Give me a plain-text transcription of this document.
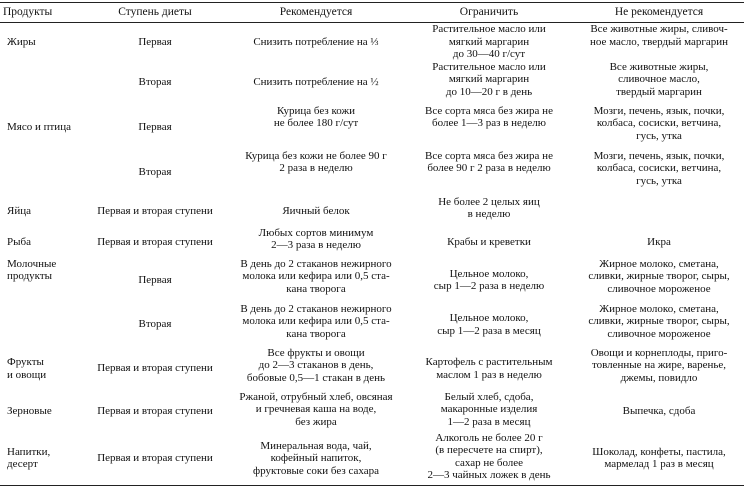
Продукты	Ступень диеты	Рекомендуется	Ограничить	Не рекомендуется
Жиры	Первая	Снизить потребление на ⅓	Растительное масло или
мягкий маргарин
до 30—40 г/сут	Все животные жиры, сливоч-
ное масло, твердый маргарин
	Вторая	Снизить потребление на ½	Растительное масло или
мягкий маргарин
до 10—20 г в день	Все животные жиры,
сливочное масло,
твердый маргарин
Мясо и птица	Первая	Курица без кожи
не более 180 г/сут	Все сорта мяса без жира не
более 1—3 раз в неделю	Мозги, печень, язык, почки,
колбаса, сосиски, ветчина,
гусь, утка
	Вторая	Курица без кожи не более 90 г
2 раза в неделю	Все сорта мяса без жира не
более 90 г 2 раза в неделю	Мозги, печень, язык, почки,
колбаса, сосиски, ветчина,
гусь, утка
Яйца	Первая и вторая ступени	Яичный белок	Не более 2 целых яиц
в неделю	
Рыба	Первая и вторая ступени	Любых сортов минимум
2—3 раза в неделю	Крабы и креветки	Икра
Молочные
продукты	Первая	В день до 2 стаканов нежирного
молока или кефира или 0,5 ста-
кана творога	Цельное молоко,
сыр 1—2 раза в неделю	Жирное молоко, сметана,
сливки, жирные творог, сыры,
сливочное мороженое
	Вторая	В день до 2 стаканов нежирного
молока или кефира или 0,5 ста-
кана творога	Цельное молоко,
сыр 1—2 раза в месяц	Жирное молоко, сметана,
сливки, жирные творог, сыры,
сливочное мороженое
Фрукты
и овощи	Первая и вторая ступени	Все фрукты и овощи
до 2—3 стаканов в день,
бобовые 0,5—1 стакан в день	Картофель с растительным
маслом 1 раз в неделю	Овощи и корнеплоды, приго-
товленные на жире, варенье,
джемы, повидло
Зерновые	Первая и вторая ступени	Ржаной, отрубный хлеб, овсяная
и гречневая каша на воде,
без жира	Белый хлеб, сдоба,
макаронные изделия
1—2 раза в месяц	Выпечка, сдоба
Напитки,
десерт	Первая и вторая ступени	Минеральная вода, чай,
кофейный напиток,
фруктовые соки без сахара	Алкоголь не более 20 г
(в пересчете на спирт),
сахар не более
2—3 чайных ложек в день	Шоколад, конфеты, пастила,
мармелад 1 раз в месяц
